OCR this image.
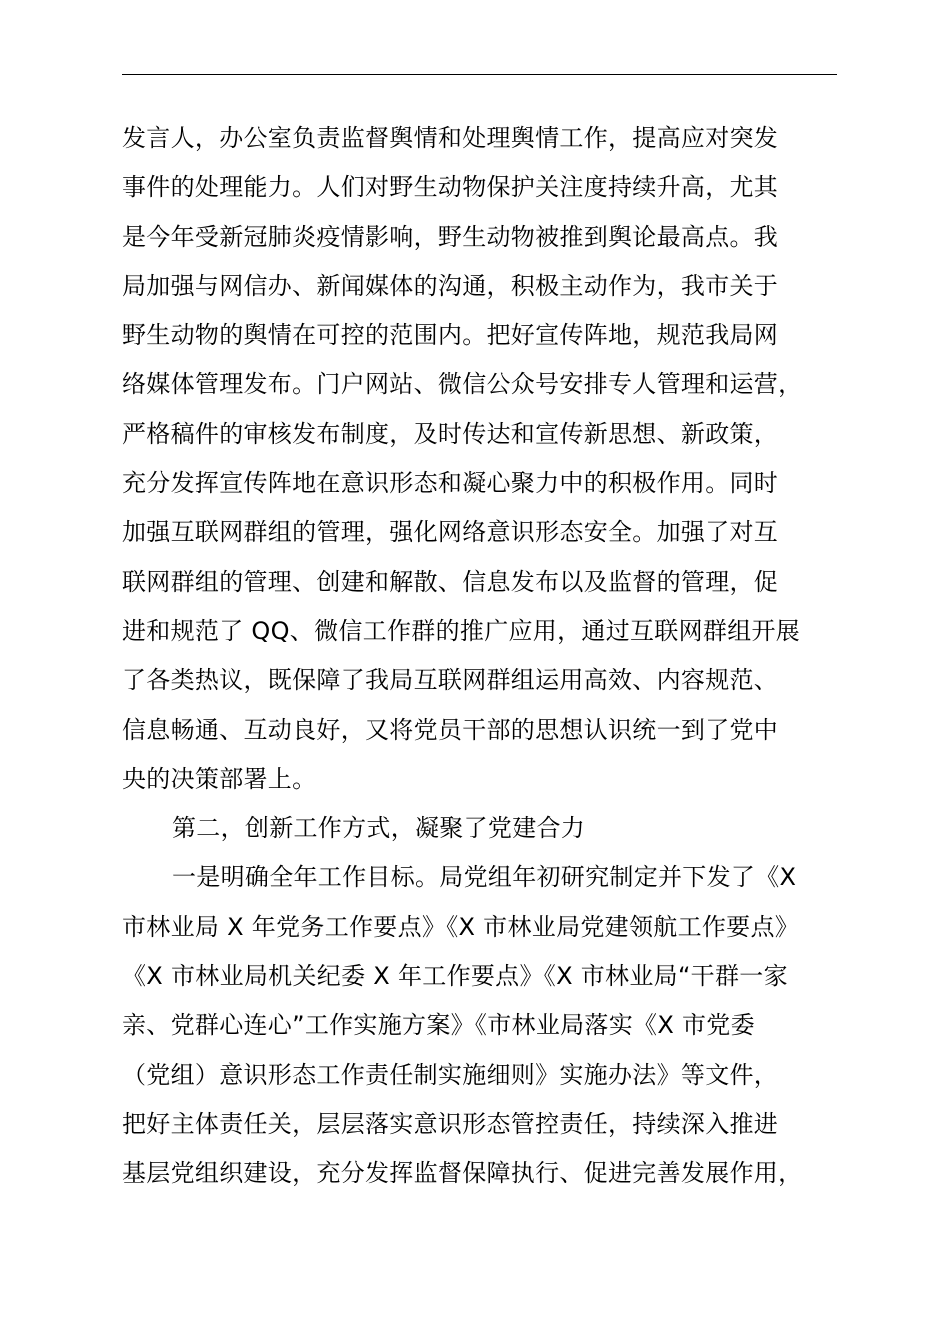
发言人，办公室负责监督舆情和处理舆情工作，提高应对突发
事件的处理能力。人们对野生动物保护关注度持续升高，尤其
是今年受新冠肺炎疫情影响，野生动物被推到舆论最高点。我
局加强与网信办、新闻媒体的沟通，积极主动作为，我市关于
野生动物的舆情在可控的范围内。把好宣传阵地，规范我局网
络媒体管理发布。门户网站、微信公众号安排专人管理和运营，
严格稿件的审核发布制度，及时传达和宣传新思想、新政策，
充分发挥宣传阵地在意识形态和凝心聚力中的积极作用。同时
加强互联网群组的管理，强化网络意识形态安全。加强了对互
联网群组的管理、创建和解散、信息发布以及监督的管理，促
进和规范了 QQ、微信工作群的推广应用，通过互联网群组开展
了各类热议，既保障了我局互联网群组运用高效、内容规范、
信息畅通、互动良好，又将党员干部的思想认识统一到了党中
央的决策部署上。
第二，创新工作方式，凝聚了党建合力
一是明确全年工作目标。局党组年初研究制定并下发了《X
市林业局 X 年党务工作要点》《X 市林业局党建领航工作要点》
《X 市林业局机关纪委 X 年工作要点》《X 市林业局“干群一家
亲、党群心连心”工作实施方案》《市林业局落实《X 市党委
（党组）意识形态工作责任制实施细则》实施办法》等文件，
把好主体责任关，层层落实意识形态管控责任，持续深入推进
基层党组织建设，充分发挥监督保障执行、促进完善发展作用，
